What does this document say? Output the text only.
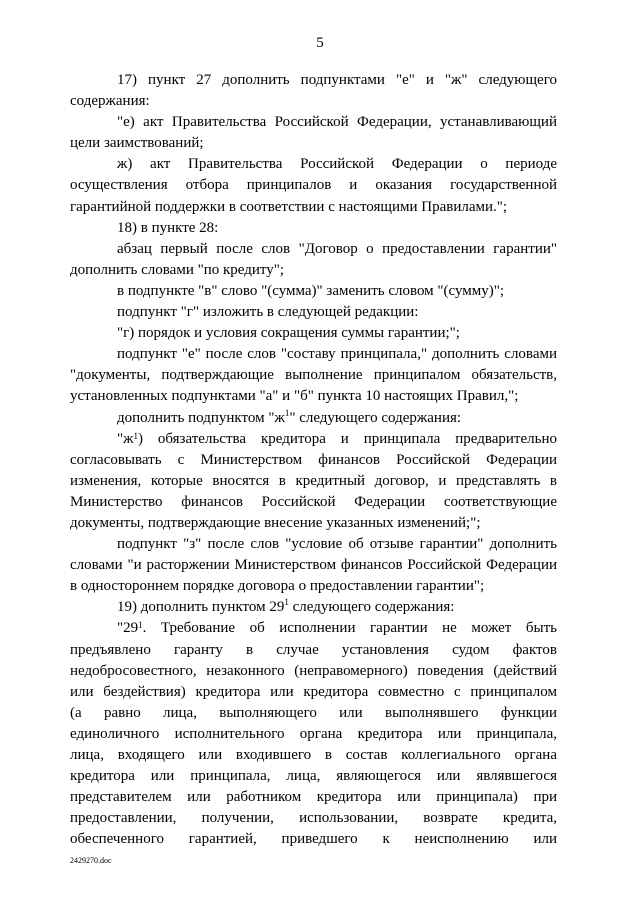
5
17) пункт 27 дополнить подпунктами "е" и "ж" следующего
содержания:
"е) акт Правительства Российской Федерации, устанавливающий
цели заимствований;
ж) акт Правительства Российской Федерации о периоде
осуществления отбора принципалов и оказания государственной
гарантийной поддержки в соответствии с настоящими Правилами.";
18) в пункте 28:
абзац первый после слов "Договор о предоставлении гарантии"
дополнить словами "по кредиту";
в подпункте "в" слово "(сумма)" заменить словом "(сумму)";
подпункт "г" изложить в следующей редакции:
"г) порядок и условия сокращения суммы гарантии;";
подпункт "е" после слов "составу принципала," дополнить словами
"документы, подтверждающие выполнение принципалом обязательств,
установленных подпунктами "а" и "б" пункта 10 настоящих Правил,";
дополнить подпунктом "$ж^1$" следующего содержания:
"ж 1 ) обязательства кредитора и принципала предварительно
согласовывать с Министерством финансов Российской Федерации
изменения, которые вносятся в кредитный договор, и представлять в
Министерство финансов Российской Федерации соответствующие
документы, подтверждающие внесение указанных изменений;";
подпункт "з" после слов "условие об отзыве гарантии" дополнить
словами "и расторжении Министерством финансов Российской Федерации
в одностороннем порядке договора о предоставлении гарантии";
19) дополнить пунктом $29^1$ следующего содержания:
"29 1 . Требование об исполнении гарантии не может быть
предъявлено гаранту в случае установления судом фактов
недобросовестного, незаконного (неправомерного) поведения (действий
или бездействия) кредитора или кредитора совместно с принципалом
(а равно лица, выполняющего или выполнявшего функции
единоличного исполнительного органа кредитора или принципала,
лица, входящего или входившего в состав коллегиального органа
кредитора или принципала, лица, являющегося или являвшегося
представителем или работником кредитора или принципала) при
предоставлении, получении, использовании, возврате кредита,
обеспеченного гарантией, приведшего к неисполнению или
2429270.doc
